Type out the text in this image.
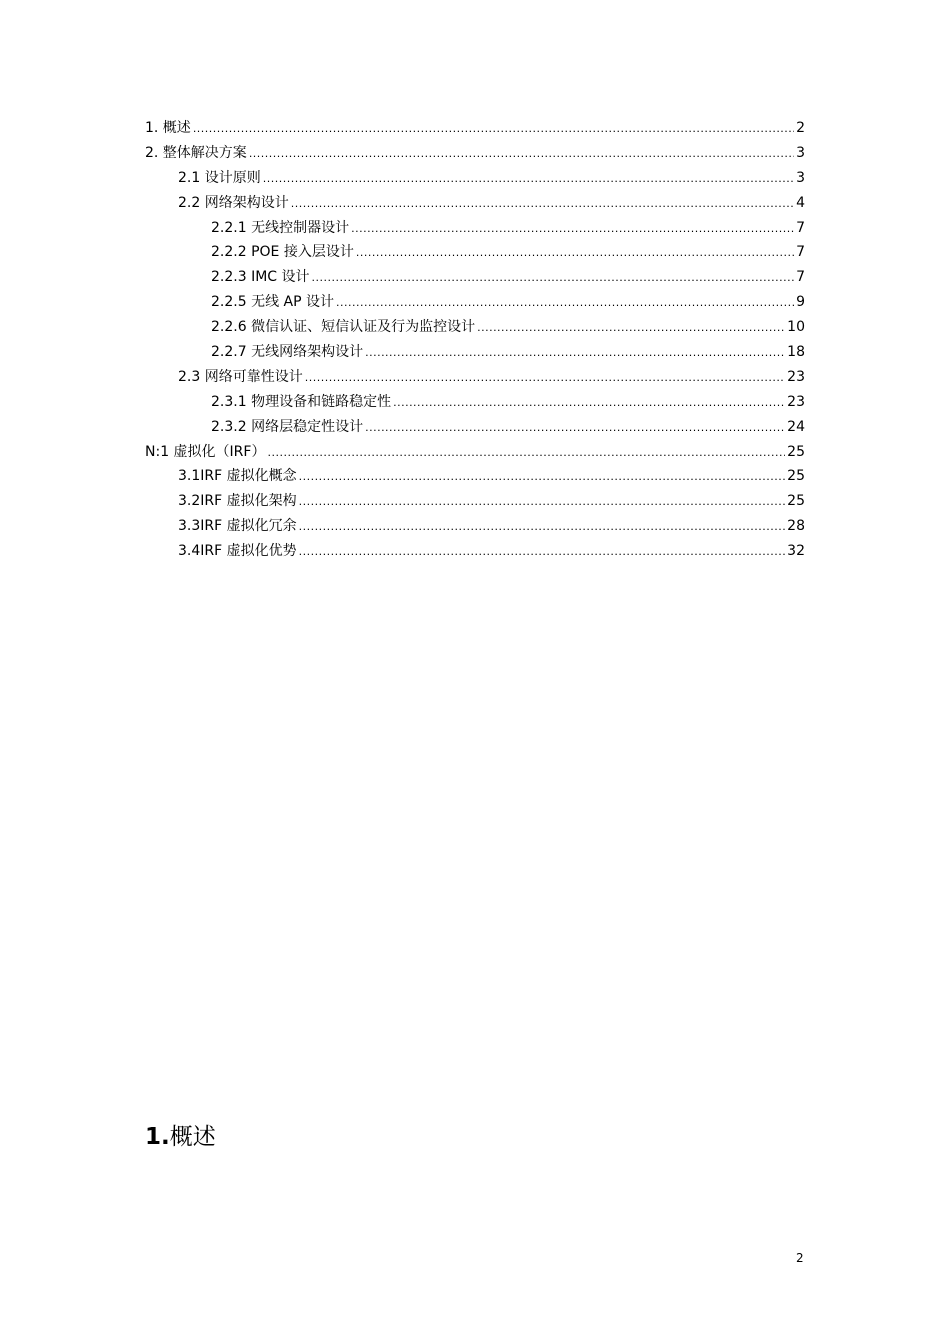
1. 概述 .....	2
2. 整体解决方案 .....	3
2.1 设计原则 .....	3
2.2 网络架构设计 .....	4
2.2.1 无线控制器设计 .....	7
2.2.2 POE 接入层设计 .....	7
2.2.3 IMC 设计 .....	7
2.2.5 无线 AP 设计 .....	9
2.2.6 微信认证、短信认证及行为监控设计 .....	10
2.2.7 无线网络架构设计 .....	18
2.3 网络可靠性设计 .....	23
2.3.1 物理设备和链路稳定性 .....	23
2.3.2 网络层稳定性设计 .....	24
N:1 虚拟化（IRF） .....	25
3.1IRF 虚拟化概念 .....	25
3.2IRF 虚拟化架构 .....	25
3.3IRF 虚拟化冗余 .....	28
3.4IRF 虚拟化优势 .....	32
1.概述
2
